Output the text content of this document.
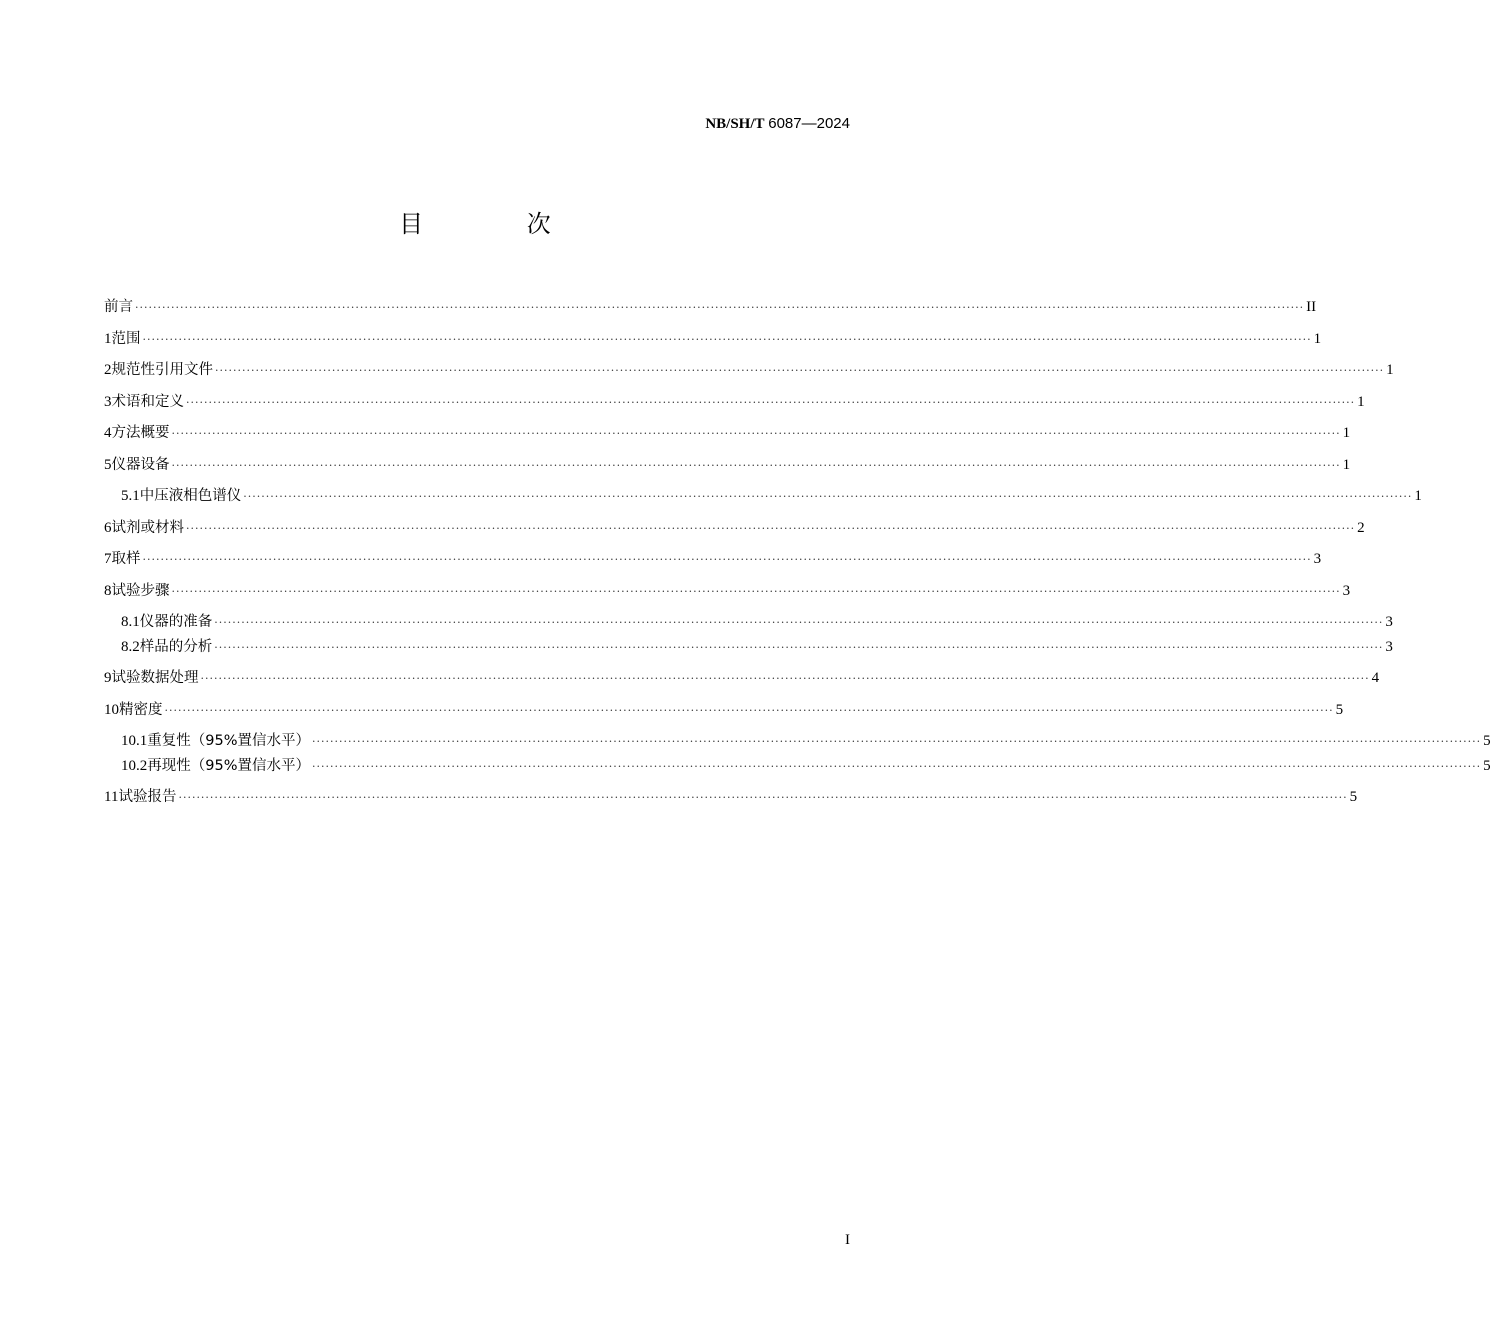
NB/SH/T 6087—2024
目 次
前言 ···································································································································································································································································· II
1 范围 ···································································································································································································································································· 1
2 规范性引用文件 ···································································································································································································································································· 1
3 术语和定义 ···································································································································································································································································· 1
4 方法概要 ···································································································································································································································································· 1
5 仪器设备 ···································································································································································································································································· 1
5.1 中压液相色谱仪 ···································································································································································································································································· 1
6 试剂或材料 ···································································································································································································································································· 2
7 取样 ···································································································································································································································································· 3
8 试验步骤 ···································································································································································································································································· 3
8.1 仪器的准备 ···································································································································································································································································· 3
8.2 样品的分析 ···································································································································································································································································· 3
9 试验数据处理 ···································································································································································································································································· 4
10 精密度 ···································································································································································································································································· 5
10.1 重复性（95%置信水平） ···································································································································································································································································· 5
10.2 再现性（95%置信水平） ···································································································································································································································································· 5
11 试验报告 ···································································································································································································································································· 5
I
